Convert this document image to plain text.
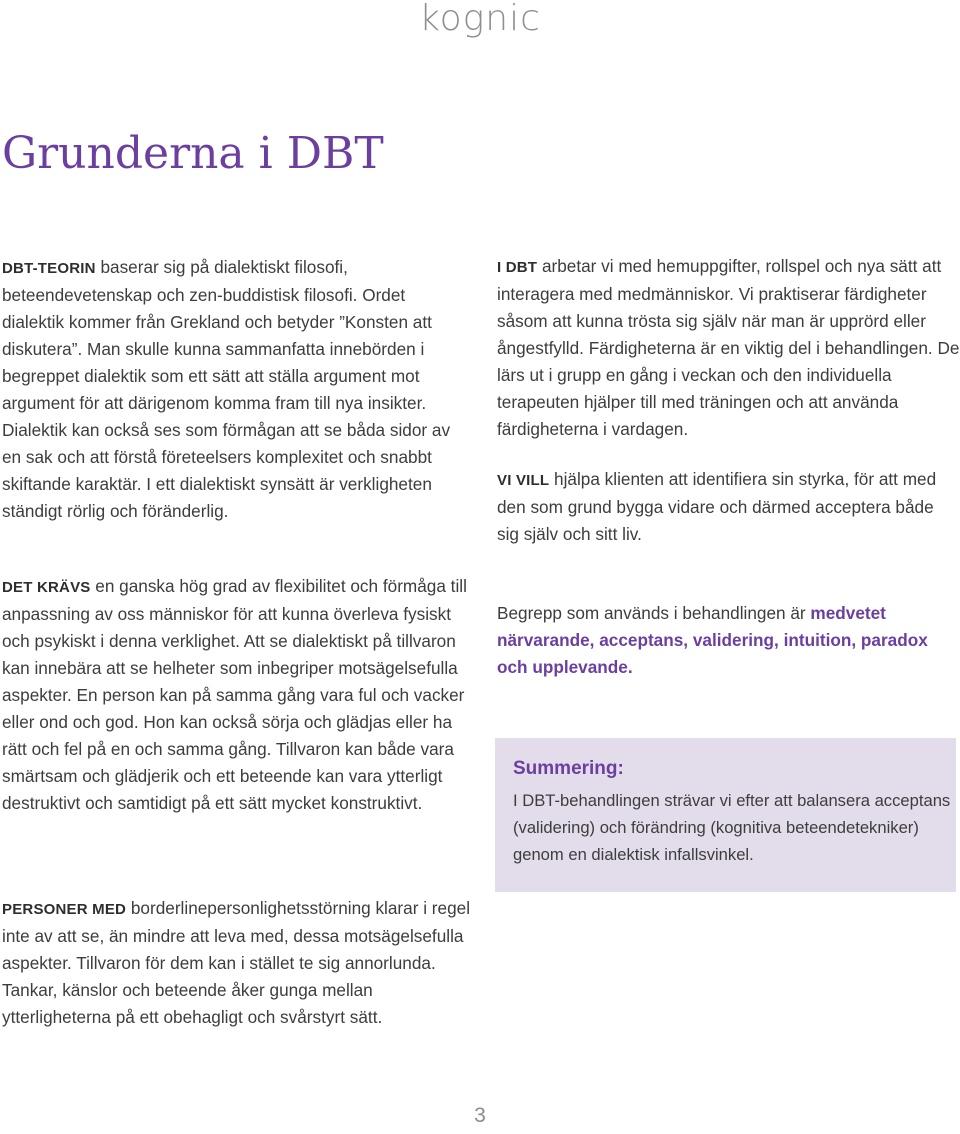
kognic
Grunderna i DBT

DBT-TEORIN baserar sig på dialektiskt filosofi, beteendevetenskap och zen-buddistisk filosofi. Ordet dialektik kommer från Grekland och betyder ”Konsten att diskutera”. Man skulle kunna sammanfatta innebörden i begreppet dialektik som ett sätt att ställa argument mot argument för att därigenom komma fram till nya insikter. Dialektik kan också ses som förmågan att se båda sidor av en sak och att förstå företeelsers komplexitet och snabbt skiftande karaktär. I ett dialektiskt synsätt är verkligheten ständigt rörlig och föränderlig.

DET KRÄVS en ganska hög grad av flexibilitet och förmåga till anpassning av oss människor för att kunna överleva fysiskt och psykiskt i denna verklighet. Att se dialektiskt på tillvaron kan innebära att se helheter som inbegriper motsägelsefulla aspekter. En person kan på samma gång vara ful och vacker eller ond och god. Hon kan också sörja och glädjas eller ha rätt och fel på en och samma gång. Tillvaron kan både vara smärtsam och glädjerik och ett beteende kan vara ytterligt destruktivt och samtidigt på ett sätt mycket konstruktivt.

PERSONER MED borderlinepersonlighetsstörning klarar i regel inte av att se, än mindre att leva med, dessa motsägelsefulla aspekter. Tillvaron för dem kan i stället te sig annorlunda. Tankar, känslor och beteende åker gunga mellan ytterligheterna på ett obehagligt och svårstyrt sätt.

I DBT arbetar vi med hemuppgifter, rollspel och nya sätt att interagera med medmänniskor. Vi praktiserar färdigheter såsom att kunna trösta sig själv när man är upprörd eller ångestfylld. Färdigheterna är en viktig del i behandlingen. De lärs ut i grupp en gång i veckan och den individuella terapeuten hjälper till med träningen och att använda färdigheterna i vardagen.

VI VILL hjälpa klienten att identifiera sin styrka, för att med den som grund bygga vidare och därmed acceptera både sig själv och sitt liv.

Begrepp som används i behandlingen är medvetet närvarande, acceptans, validering, intuition, paradox och upplevande.

Summering:

I DBT-behandlingen strävar vi efter att balansera acceptans (validering) och förändring (kognitiva beteendetekniker) genom en dialektisk infallsvinkel.

3
